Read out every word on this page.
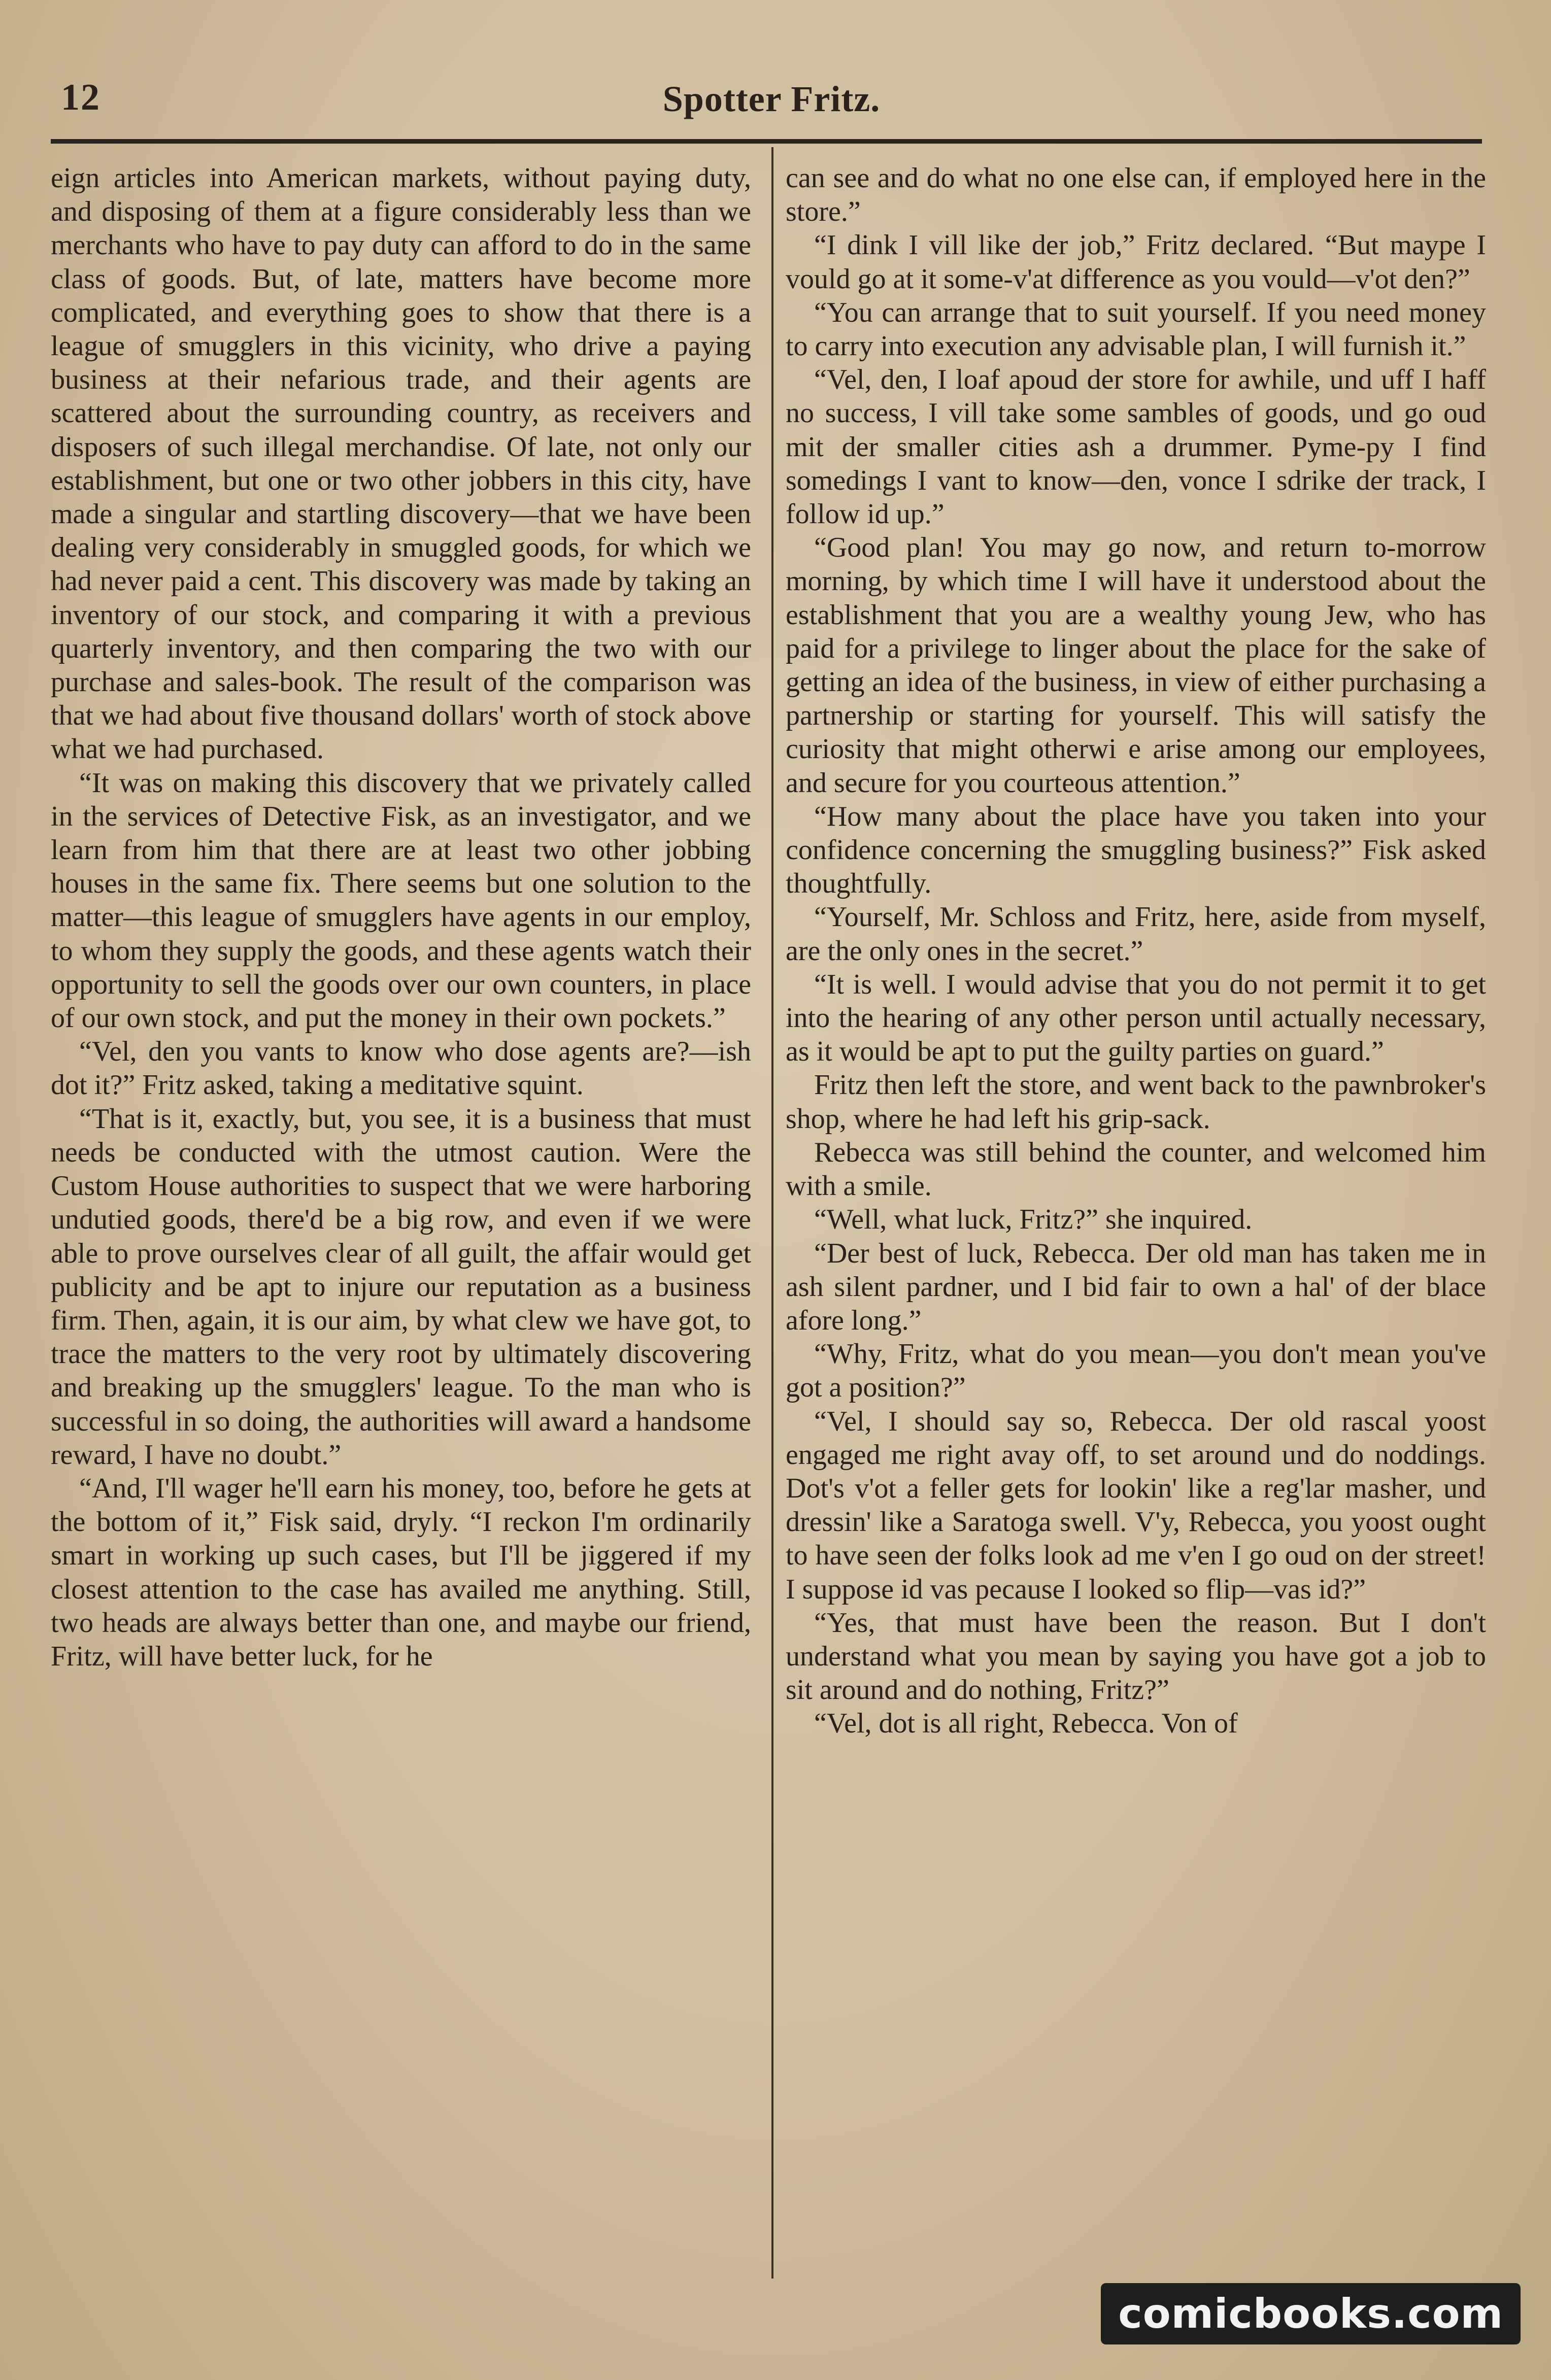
12	Spotter Fritz.

eign articles into American markets, without paying duty, and disposing of them at a figure considerably less than we merchants who have to pay duty can afford to do in the same class of goods. But, of late, matters have become more complicated, and everything goes to show that there is a league of smugglers in this vicinity, who drive a paying business at their nefarious trade, and their agents are scattered about the surrounding country, as receivers and disposers of such illegal merchandise. Of late, not only our establishment, but one or two other jobbers in this city, have made a singular and startling discovery—that we have been dealing very considerably in smuggled goods, for which we had never paid a cent. This discovery was made by taking an inventory of our stock, and comparing it with a previous quarterly inventory, and then comparing the two with our purchase and sales-book. The result of the comparison was that we had about five thousand dollars' worth of stock above what we had purchased.

“It was on making this discovery that we privately called in the services of Detective Fisk, as an investigator, and we learn from him that there are at least two other jobbing houses in the same fix. There seems but one solution to the matter—this league of smugglers have agents in our employ, to whom they supply the goods, and these agents watch their opportunity to sell the goods over our own counters, in place of our own stock, and put the money in their own pockets.”

“Vel, den you vants to know who dose agents are?—ish dot it?” Fritz asked, taking a meditative squint.

“That is it, exactly, but, you see, it is a business that must needs be conducted with the utmost caution. Were the Custom House authorities to suspect that we were harboring undutied goods, there'd be a big row, and even if we were able to prove ourselves clear of all guilt, the affair would get publicity and be apt to injure our reputation as a business firm. Then, again, it is our aim, by what clew we have got, to trace the matters to the very root by ultimately discovering and breaking up the smugglers' league. To the man who is successful in so doing, the authorities will award a handsome reward, I have no doubt.”

“And, I'll wager he'll earn his money, too, before he gets at the bottom of it,” Fisk said, dryly. “I reckon I'm ordinarily smart in working up such cases, but I'll be jiggered if my closest attention to the case has availed me anything. Still, two heads are always better than one, and maybe our friend, Fritz, will have better luck, for he

can see and do what no one else can, if employed here in the store.”

“I dink I vill like der job,” Fritz declared. “But maype I vould go at it some-v'at difference as you vould—v'ot den?”

“You can arrange that to suit yourself. If you need money to carry into execution any advisable plan, I will furnish it.”

“Vel, den, I loaf apoud der store for awhile, und uff I haff no success, I vill take some sambles of goods, und go oud mit der smaller cities ash a drummer. Pyme-py I find somedings I vant to know—den, vonce I sdrike der track, I follow id up.”

“Good plan! You may go now, and return to-morrow morning, by which time I will have it understood about the establishment that you are a wealthy young Jew, who has paid for a privilege to linger about the place for the sake of getting an idea of the business, in view of either purchasing a partnership or starting for yourself. This will satisfy the curiosity that might otherwi e arise among our employees, and secure for you courteous attention.”

“How many about the place have you taken into your confidence concerning the smuggling business?” Fisk asked thoughtfully.

“Yourself, Mr. Schloss and Fritz, here, aside from myself, are the only ones in the secret.”

“It is well. I would advise that you do not permit it to get into the hearing of any other person until actually necessary, as it would be apt to put the guilty parties on guard.”

Fritz then left the store, and went back to the pawnbroker's shop, where he had left his grip-sack.

Rebecca was still behind the counter, and welcomed him with a smile.

“Well, what luck, Fritz?” she inquired.

“Der best of luck, Rebecca. Der old man has taken me in ash silent pardner, und I bid fair to own a hal' of der blace afore long.”

“Why, Fritz, what do you mean—you don't mean you've got a position?”

“Vel, I should say so, Rebecca. Der old rascal yoost engaged me right avay off, to set around und do noddings. Dot's v'ot a feller gets for lookin' like a reg'lar masher, und dressin' like a Saratoga swell. V'y, Rebecca, you yoost ought to have seen der folks look ad me v'en I go oud on der street! I suppose id vas pecause I looked so flip—vas id?”

“Yes, that must have been the reason. But I don't understand what you mean by saying you have got a job to sit around and do nothing, Fritz?”

“Vel, dot is all right, Rebecca. Von of

comicbooks.com
